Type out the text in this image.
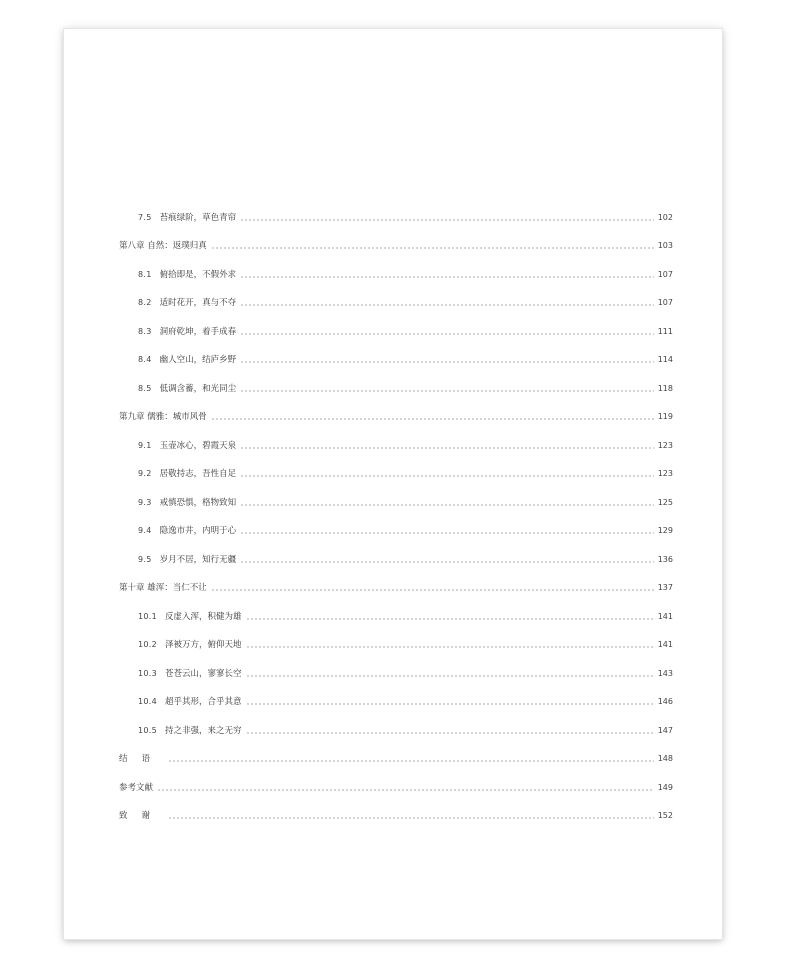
7.5 苔痕绿阶，草色青帘	102
第八章 自然：返璞归真	103
8.1 俯拾即是，不假外求	107
8.2 适时花开，真与不夺	107
8.3 洞府乾坤，着手成春	111
8.4 幽人空山，结庐乡野	114
8.5 低调含蓄，和光同尘	118
第九章 儒雅：城市风骨	119
9.1 玉壶冰心，碧霞天泉	123
9.2 居敬持志，吾性自足	123
9.3 戒慎恐惧，格物致知	125
9.4 隐逸市井，内明于心	129
9.5 岁月不居，知行无疆	136
第十章 雄浑：当仁不让	137
10.1 反虚入浑，积健为雄	141
10.2 泽被万方，俯仰天地	141
10.3 苍苍云山，寥寥长空	143
10.4 超乎其形，合乎其意	146
10.5 持之非强，来之无穷	147
结语	148
参考文献	149
致谢	152
